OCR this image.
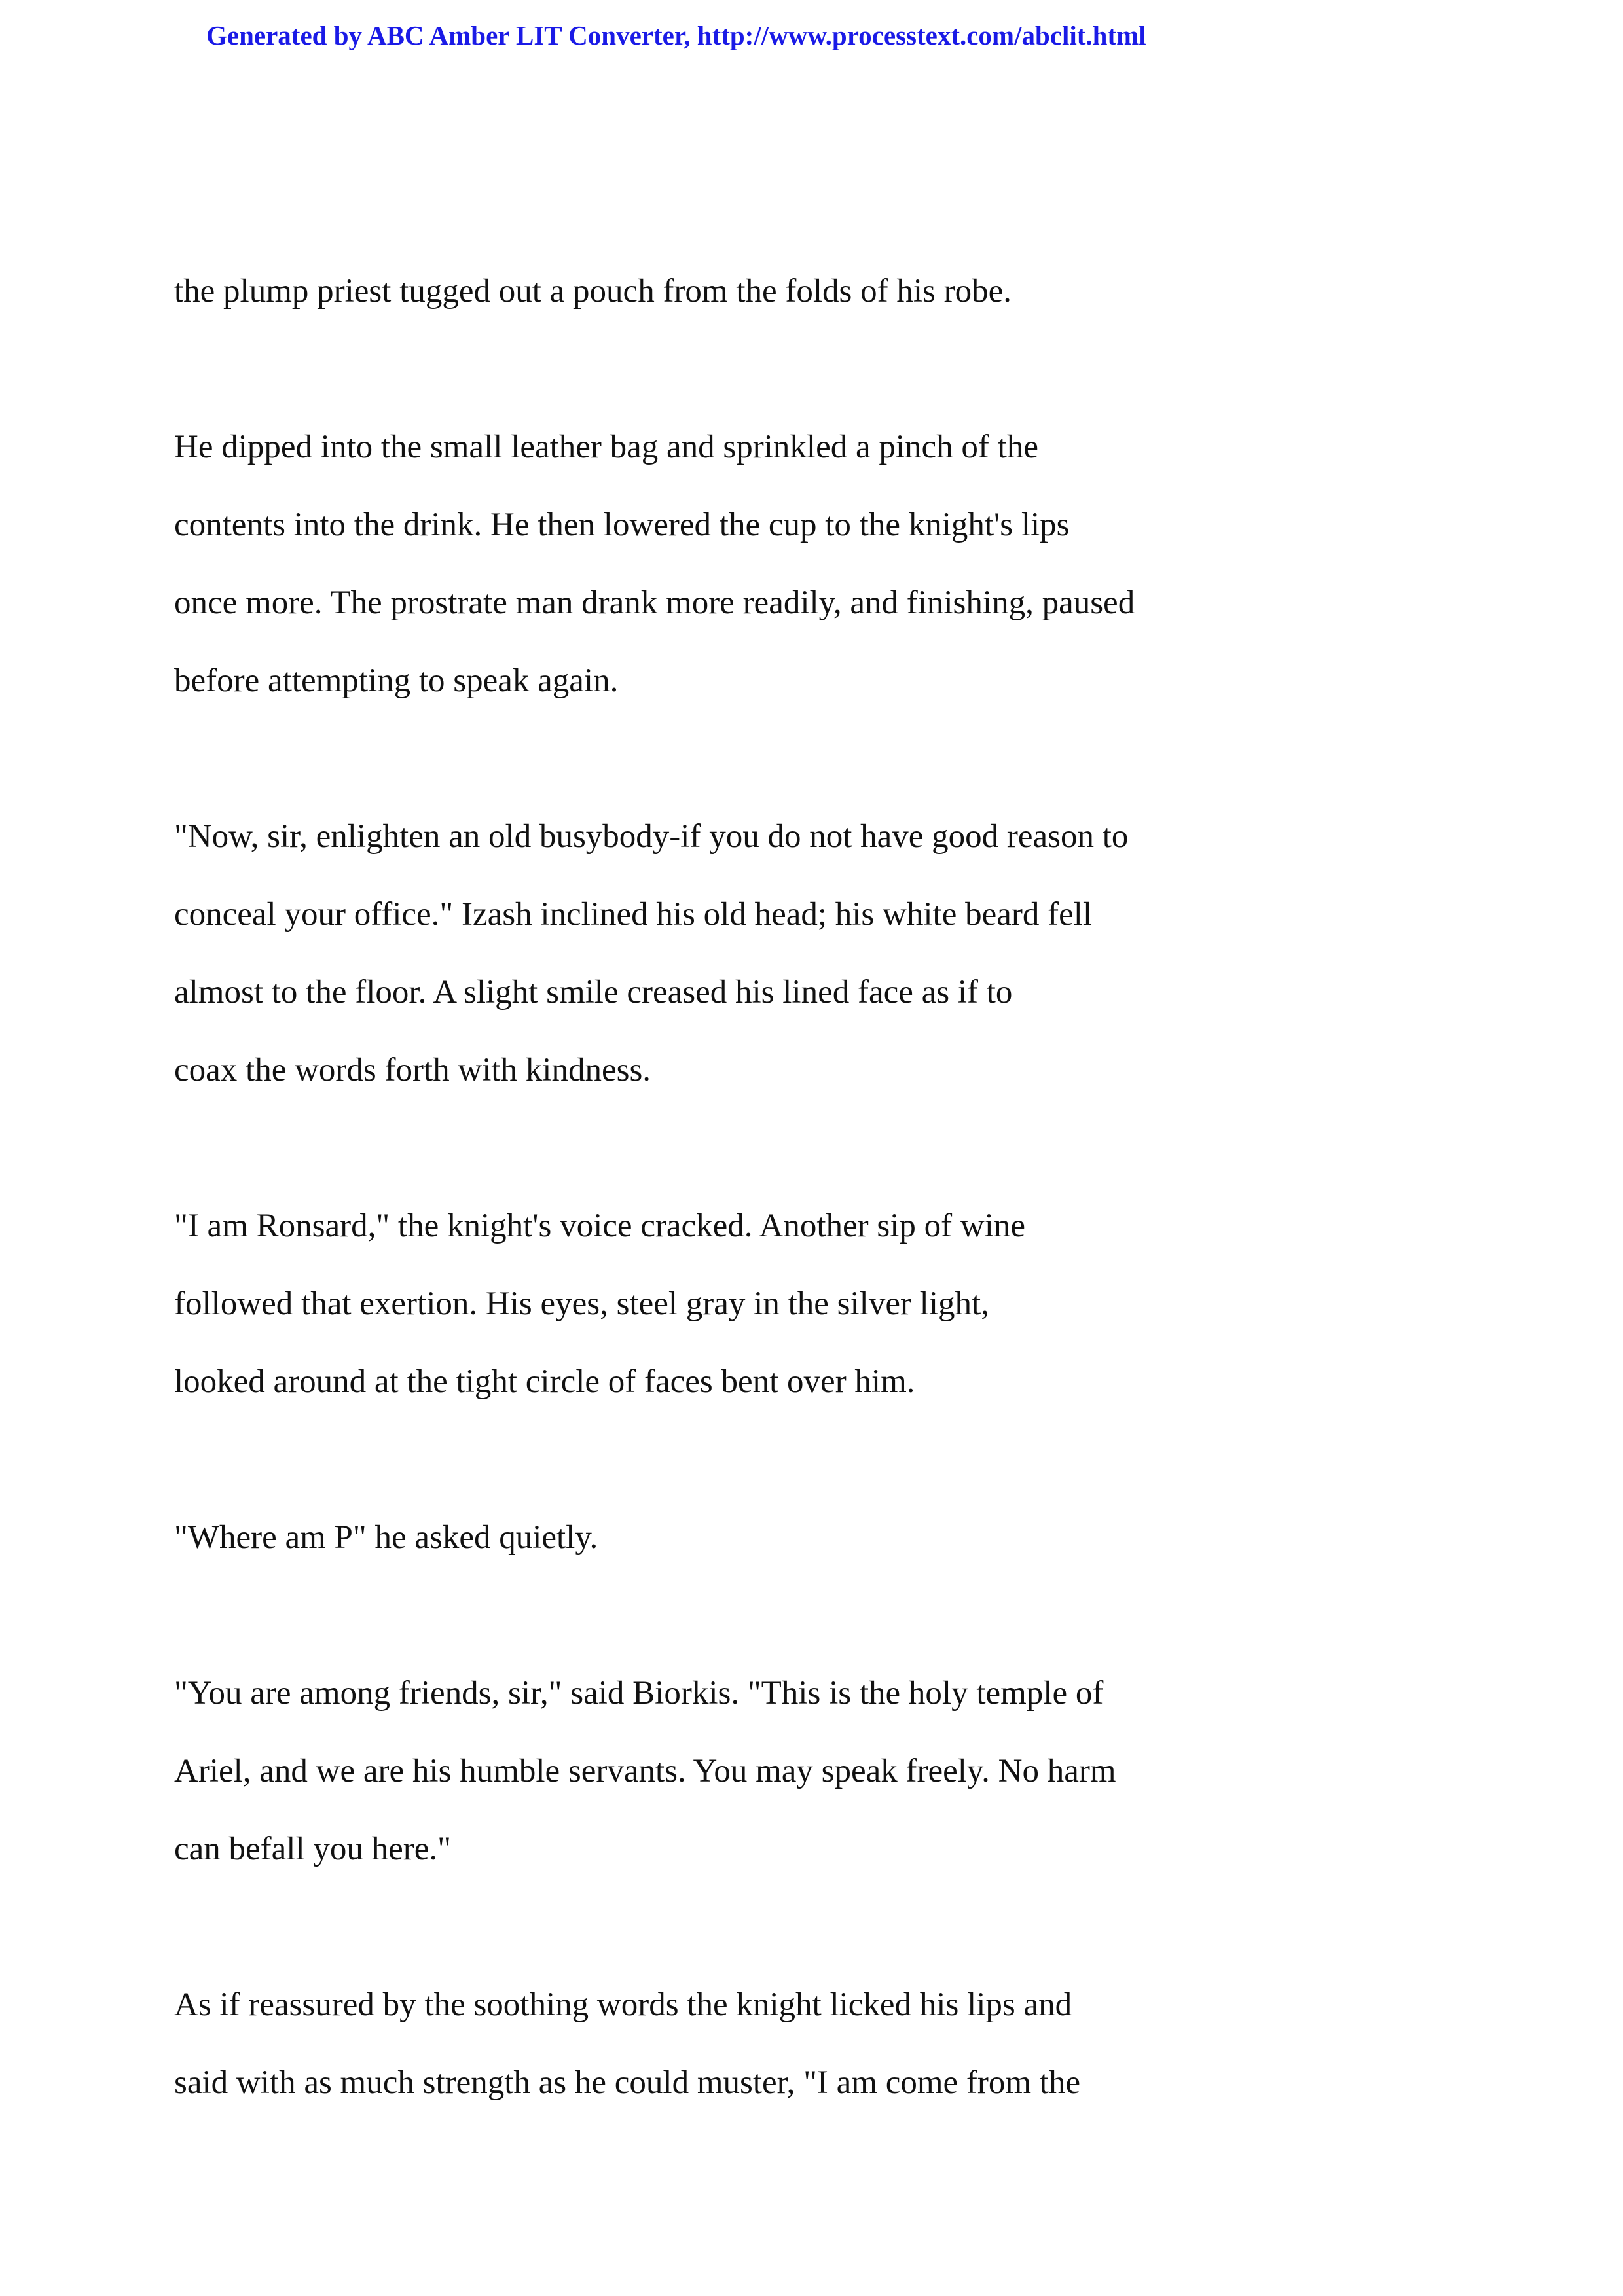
Generated by ABC Amber LIT Converter, http://www.processtext.com/abclit.html
the plump priest tugged out a pouch from the folds of his robe.
He dipped into the small leather bag and sprinkled a pinch of the
contents into the drink. He then lowered the cup to the knight's lips
once more. The prostrate man drank more readily, and finishing, paused
before attempting to speak again.
"Now, sir, enlighten an old busybody-if you do not have good reason to
conceal your office." Izash inclined his old head; his white beard fell
almost to the floor. A slight smile creased his lined face as if to
coax the words forth with kindness.
"I am Ronsard," the knight's voice cracked. Another sip of wine
followed that exertion. His eyes, steel gray in the silver light,
looked around at the tight circle of faces bent over him.
"Where am P" he asked quietly.
"You are among friends, sir," said Biorkis. "This is the holy temple of
Ariel, and we are his humble servants. You may speak freely. No harm
can befall you here."
As if reassured by the soothing words the knight licked his lips and
said with as much strength as he could muster, "I am come from the
